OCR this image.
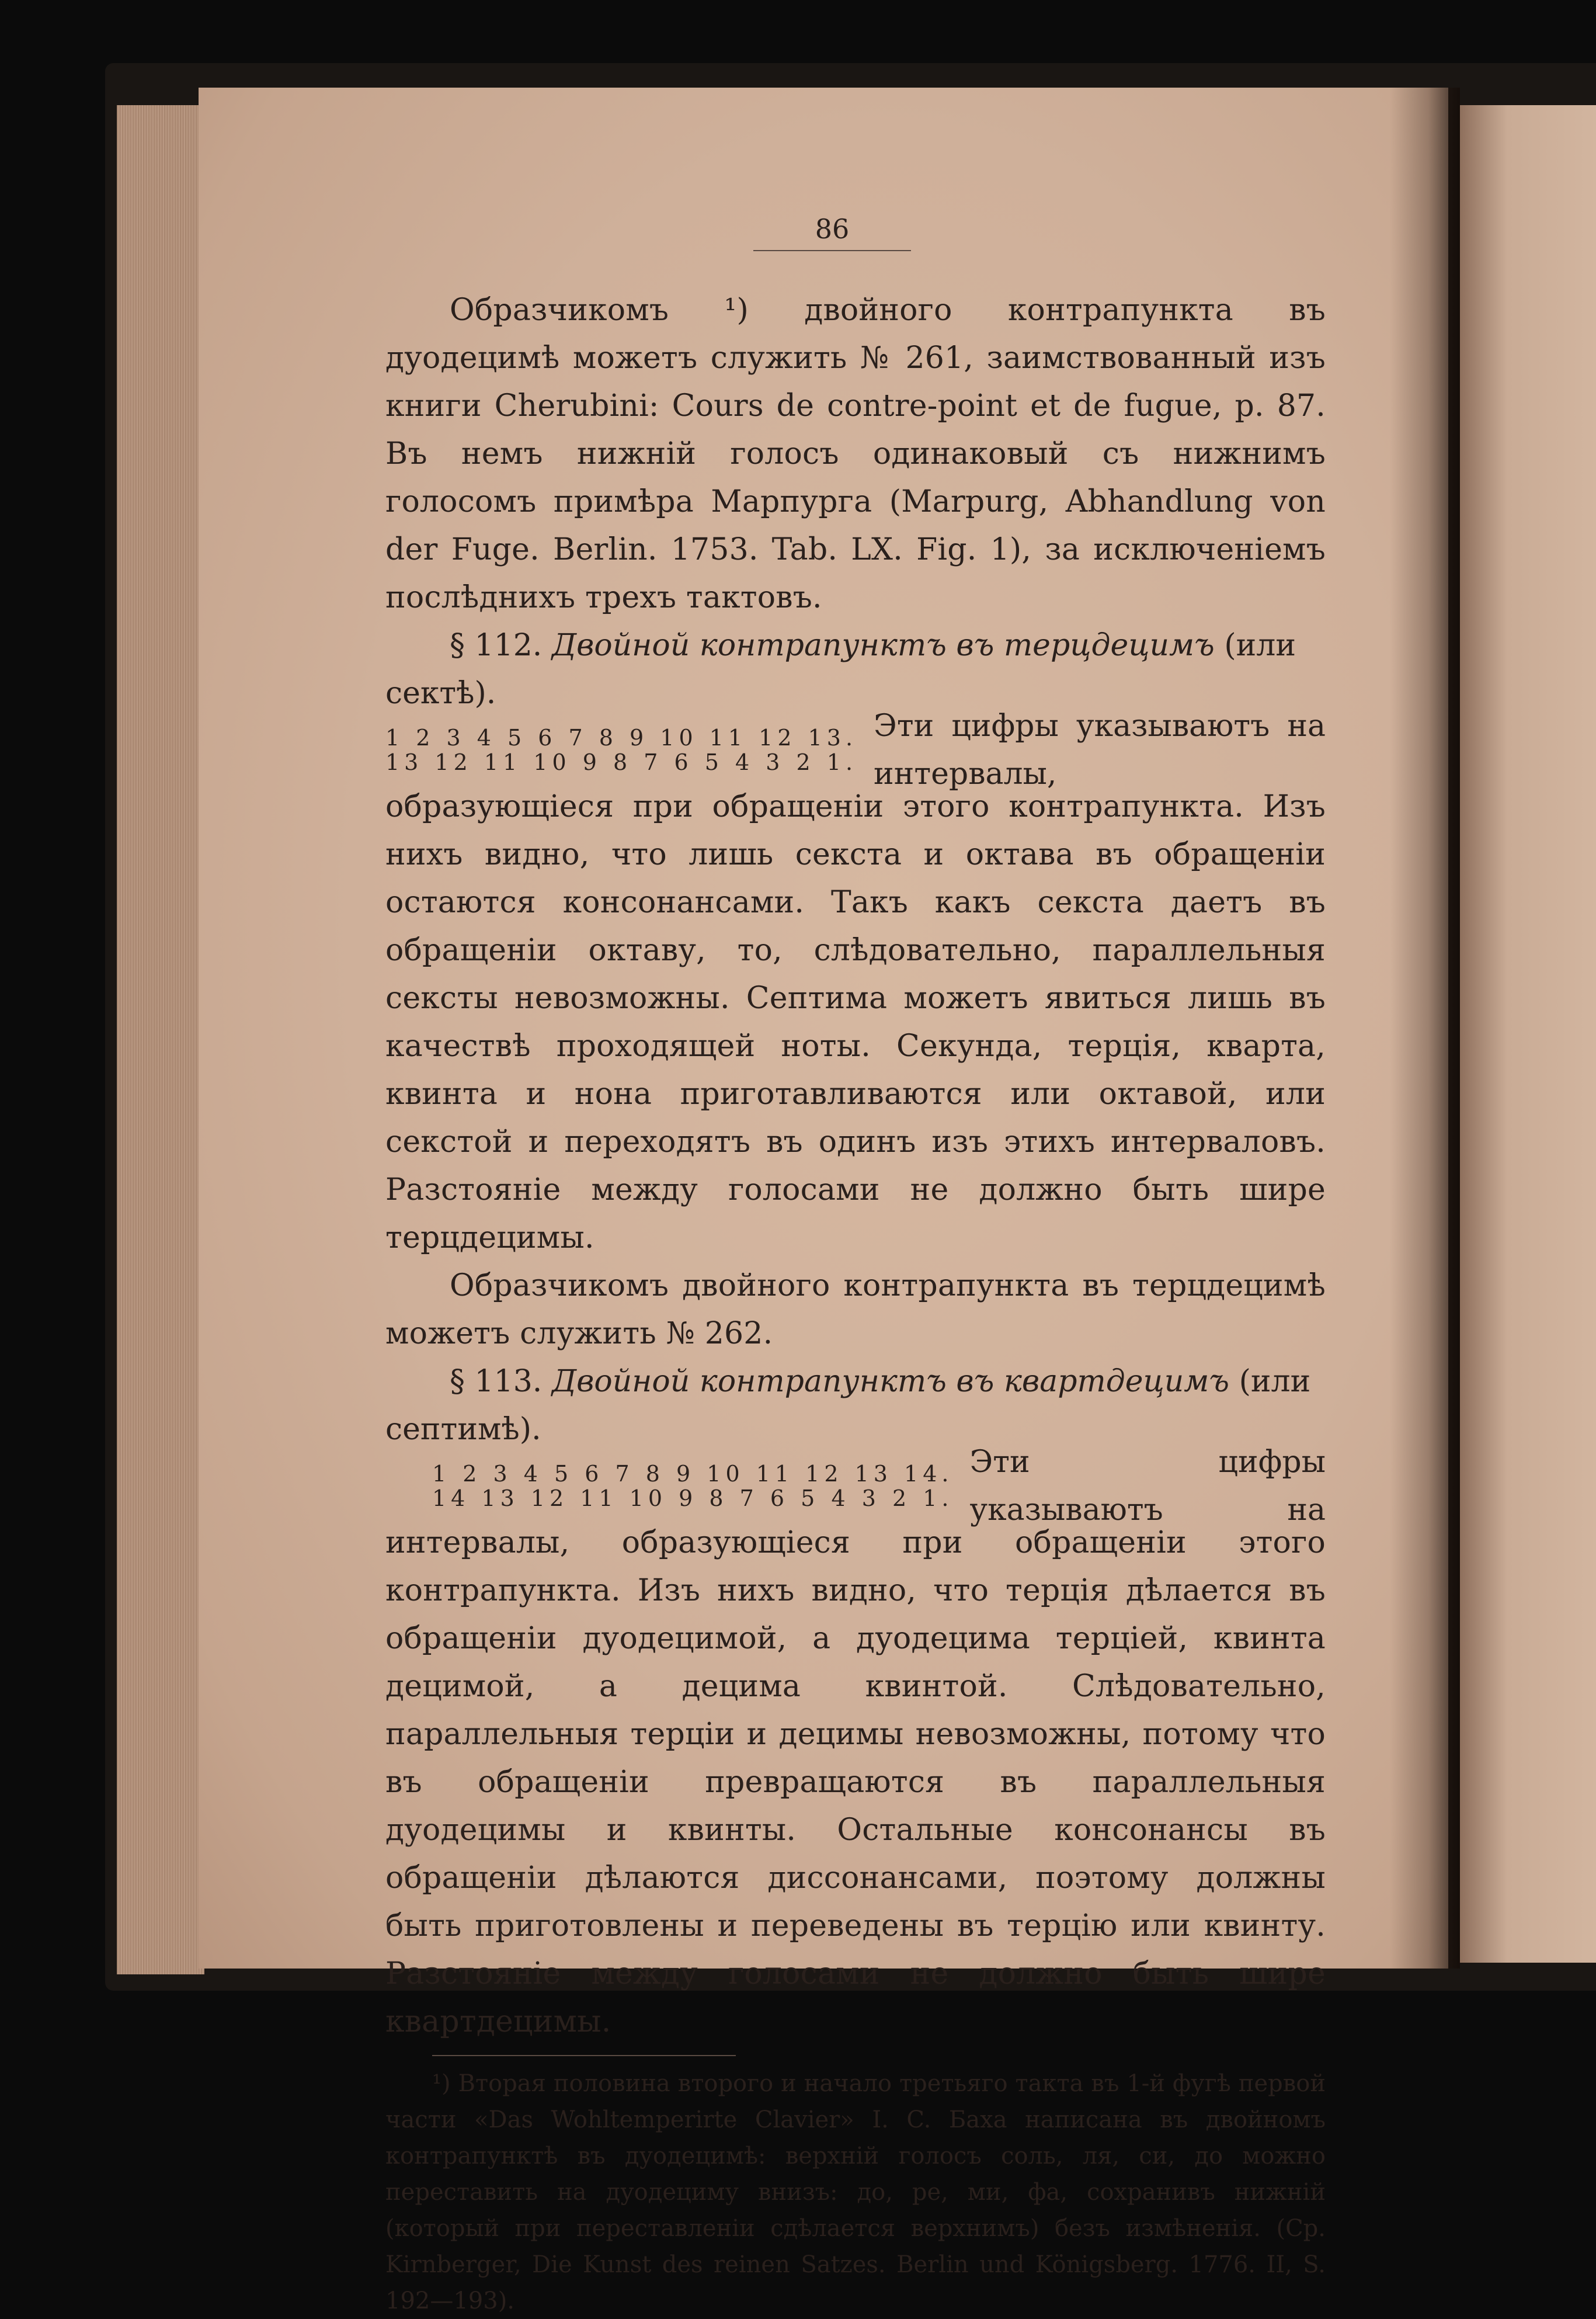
86

Образчикомъ ¹) двойного контрапункта въ дуодецимѣ можетъ служить № 261, заимствованный изъ книги Cherubini: Cours de contre-point et de fugue, p. 87. Въ немъ нижній голосъ одинаковый съ нижнимъ голосомъ примѣра Марпурга (Marpurg, Abhandlung von der Fuge. Berlin. 1753. Tab. LX. Fig. 1), за исключеніемъ послѣднихъ трехъ тактовъ.

§ 112. Двойной контрапунктъ въ терцдецимъ (или сектѣ).

1 2 3 4 5 6 7 8 9 10 11 12 13.
13 12 11 10 9 8 7 6 5 4 3 2 1.
Эти цифры указываютъ на интервалы,

образующіеся при обращеніи этого контрапункта. Изъ нихъ видно, что лишь секста и октава въ обращеніи остаются консонансами. Такъ какъ секста даетъ въ обращеніи октаву, то, слѣдовательно, параллельныя сексты невозможны. Септима можетъ явиться лишь въ качествѣ проходящей ноты. Секунда, терція, кварта, квинта и нона приготавливаются или октавой, или секстой и переходятъ въ одинъ изъ этихъ интерваловъ. Разстояніе между голосами не должно быть шире терцдецимы.

Образчикомъ двойного контрапункта въ терцдецимѣ можетъ служить № 262.

§ 113. Двойной контрапунктъ въ квартдецимъ (или септимѣ).

1 2 3 4 5 6 7 8 9 10 11 12 13 14.
14 13 12 11 10 9 8 7 6 5 4 3 2 1.
Эти цифры указываютъ на

интервалы, образующіеся при обращеніи этого контрапункта. Изъ нихъ видно, что терція дѣлается въ обращеніи дуодецимой, а дуодецима терціей, квинта децимой, а децима квинтой. Слѣдовательно, параллельныя терціи и децимы невозможны, потому что въ обращеніи превращаются въ параллельныя дуодецимы и квинты. Остальные консонансы въ обращеніи дѣлаются диссонансами, поэтому должны быть приготовлены и переведены въ терцію или квинту. Разстояніе между голосами не должно быть шире квартдецимы.

¹) Вторая половина второго и начало третьяго такта въ 1-й фугѣ первой части «Das Wohltemperirte Clavier» I. C. Баха написана въ двойномъ контрапунктѣ въ дуодецимѣ: верхній голосъ соль, ля, си, до можно переставить на дуодециму внизъ: до, ре, ми, фа, сохранивъ нижній (который при переставленіи сдѣлается верхнимъ) безъ измѣненія. (Cp. Kirnberger, Die Kunst des reinen Satzes. Berlin und Königsberg. 1776. II, S. 192—193).
